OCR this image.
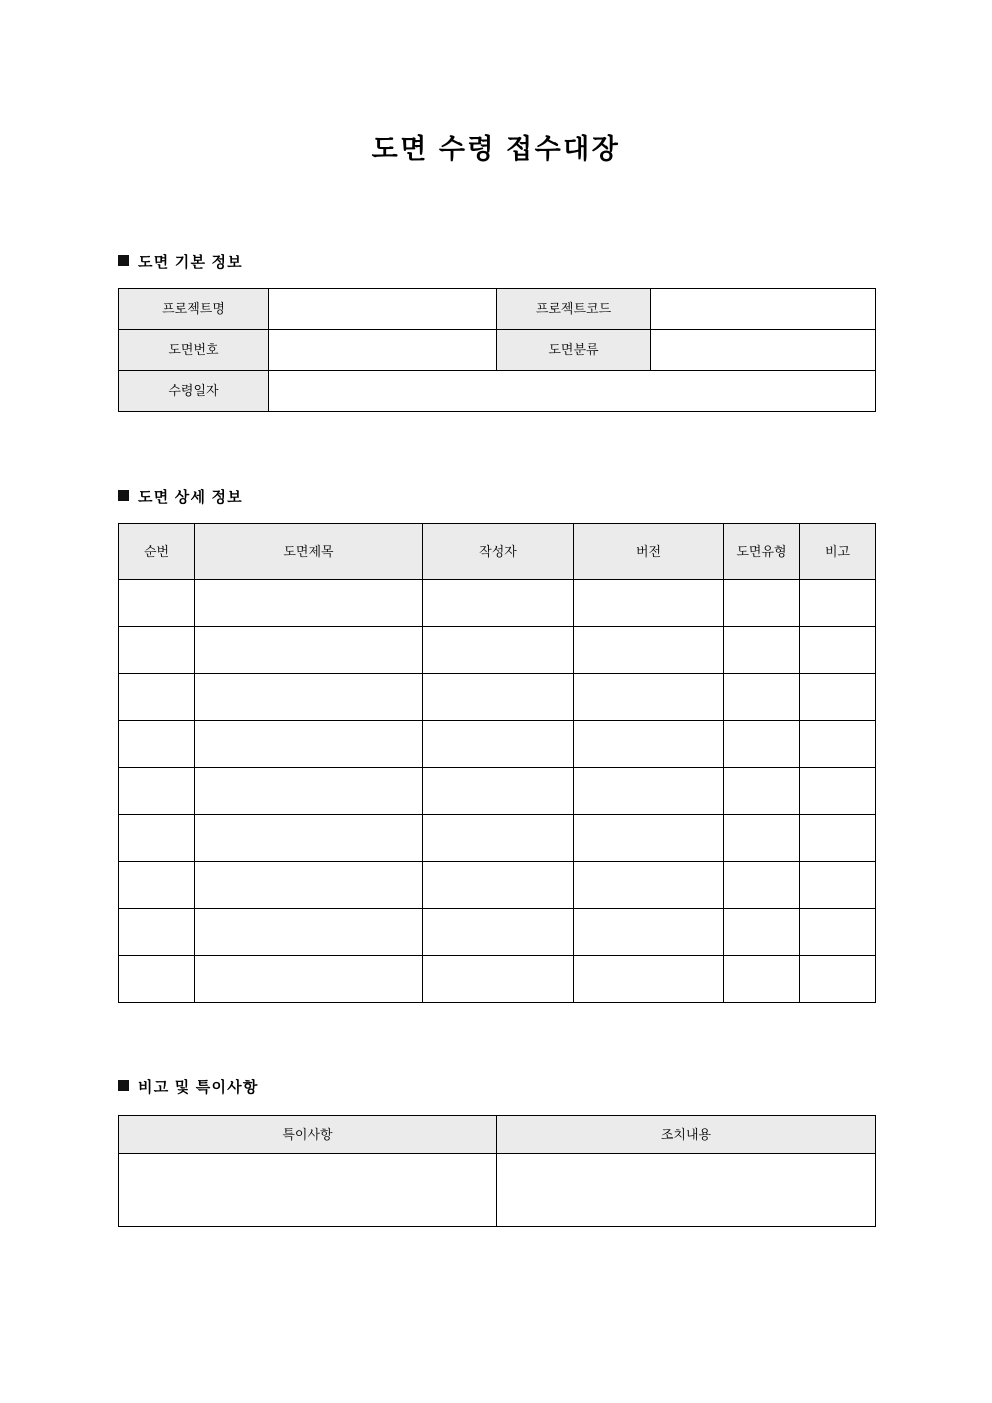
도면 수령 접수대장
도면 기본 정보
프로젝트명		프로젝트코드	
도면번호		도면분류	
수령일자			
도면 상세 정보
순번	도면제목	작성자	버전	도면유형	비고

비고 및 특이사항
특이사항	조치내용
